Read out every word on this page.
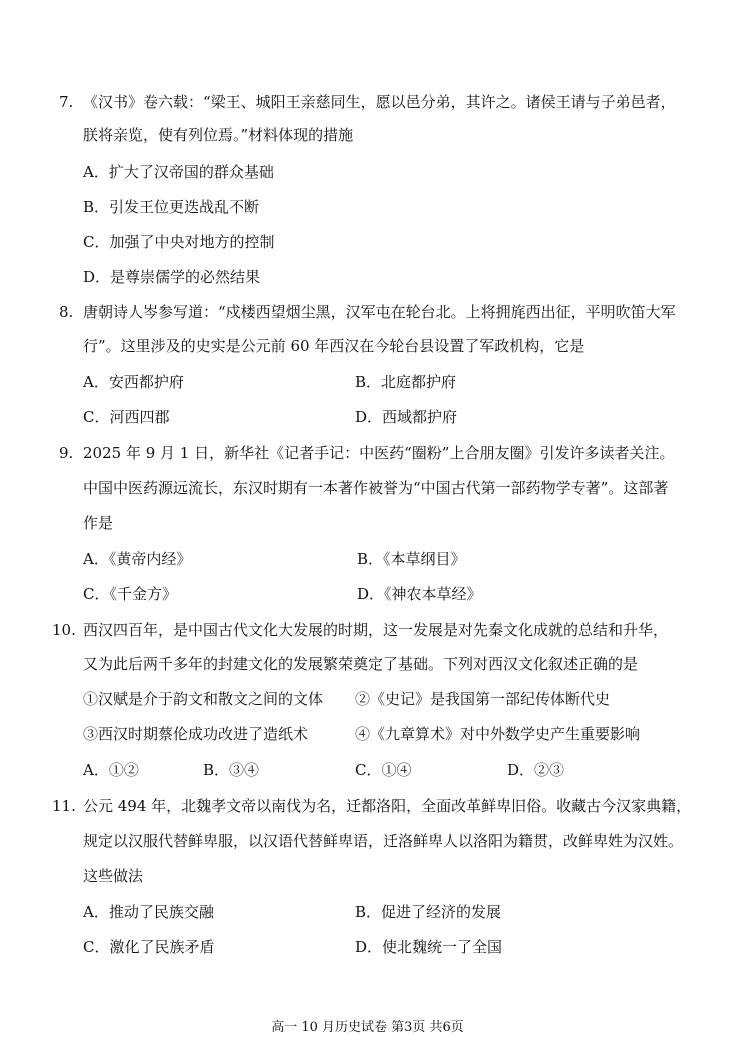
7. 《汉书》卷六载：“梁王、城阳王亲慈同生，愿以邑分弟，其许之。诸侯王请与子弟邑者，
朕将亲览，使有列位焉。”材料体现的措施
A．扩大了汉帝国的群众基础
B．引发王位更迭战乱不断
C．加强了中央对地方的控制
D．是尊崇儒学的必然结果
8. 唐朝诗人岑参写道：“戍楼西望烟尘黑，汉军屯在轮台北。上将拥旄西出征，平明吹笛大军
行”。这里涉及的史实是公元前 60 年西汉在今轮台县设置了军政机构，它是
A．安西都护府	B．北庭都护府
C．河西四郡	D．西域都护府
9. 2025 年 9 月 1 日，新华社《记者手记：中医药“圈粉”上合朋友圈》引发许多读者关注。
中国中医药源远流长，东汉时期有一本著作被誉为“中国古代第一部药物学专著”。这部著
作是
A．《黄帝内经》	B．《本草纲目》
C．《千金方》	D．《神农本草经》
10. 西汉四百年，是中国古代文化大发展的时期，这一发展是对先秦文化成就的总结和升华，
又为此后两千多年的封建文化的发展繁荣奠定了基础。下列对西汉文化叙述正确的是
①汉赋是介于韵文和散文之间的文体 ②《史记》是我国第一部纪传体断代史
③西汉时期蔡伦成功改进了造纸术	④《九章算术》对中外数学史产生重要影响
A．①②	B．③④	C．①④	D．②③
11. 公元 494 年，北魏孝文帝以南伐为名，迁都洛阳，全面改革鲜卑旧俗。收藏古今汉家典籍，
规定以汉服代替鲜卑服，以汉语代替鲜卑语，迁洛鲜卑人以洛阳为籍贯，改鲜卑姓为汉姓。
这些做法
A．推动了民族交融	B．促进了经济的发展
C．激化了民族矛盾	D．使北魏统一了全国
高一 10 月历史试卷 第3页 共6页
